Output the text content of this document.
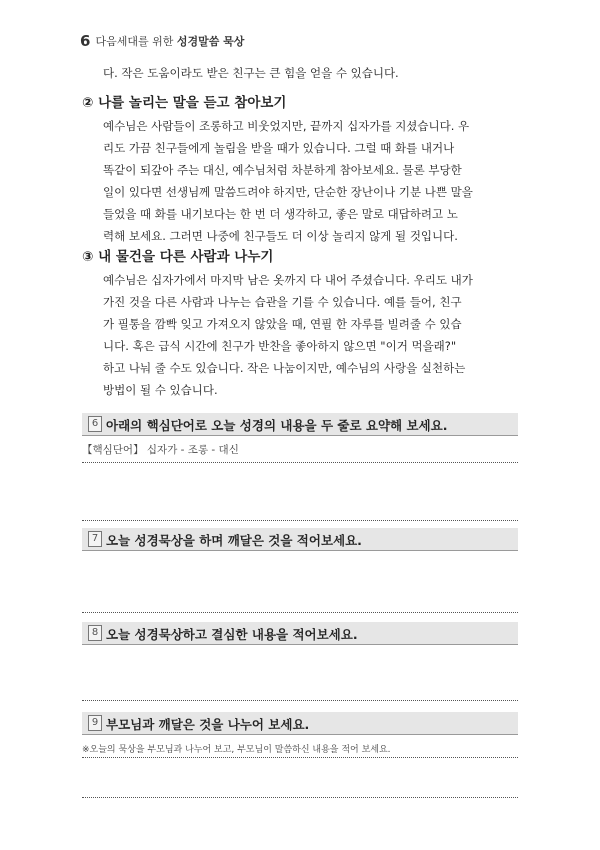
6 다음세대를 위한 성경말씀 묵상
다. 작은 도움이라도 받은 친구는 큰 힘을 얻을 수 있습니다.
② 나를 놀리는 말을 듣고 참아보기
예수님은 사람들이 조롱하고 비웃었지만, 끝까지 십자가를 지셨습니다. 우
리도 가끔 친구들에게 놀림을 받을 때가 있습니다. 그럴 때 화를 내거나
똑같이 되갚아 주는 대신, 예수님처럼 차분하게 참아보세요. 물론 부당한
일이 있다면 선생님께 말씀드려야 하지만, 단순한 장난이나 기분 나쁜 말을
들었을 때 화를 내기보다는 한 번 더 생각하고, 좋은 말로 대답하려고 노
력해 보세요. 그러면 나중에 친구들도 더 이상 놀리지 않게 될 것입니다.
③ 내 물건을 다른 사람과 나누기
예수님은 십자가에서 마지막 남은 옷까지 다 내어 주셨습니다. 우리도 내가
가진 것을 다른 사람과 나누는 습관을 기를 수 있습니다. 예를 들어, 친구
가 필통을 깜빡 잊고 가져오지 않았을 때, 연필 한 자루를 빌려줄 수 있습
니다. 혹은 급식 시간에 친구가 반찬을 좋아하지 않으면 "이거 먹을래?"
하고 나눠 줄 수도 있습니다. 작은 나눔이지만, 예수님의 사랑을 실천하는
방법이 될 수 있습니다.
6 아래의 핵심단어로 오늘 성경의 내용을 두 줄로 요약해 보세요.
【핵심단어】 십자가 - 조롱 - 대신
7 오늘 성경묵상을 하며 깨달은 것을 적어보세요.
8 오늘 성경묵상하고 결심한 내용을 적어보세요.
9 부모님과 깨달은 것을 나누어 보세요.
※오늘의 묵상을 부모님과 나누어 보고, 부모님이 말씀하신 내용을 적어 보세요.
